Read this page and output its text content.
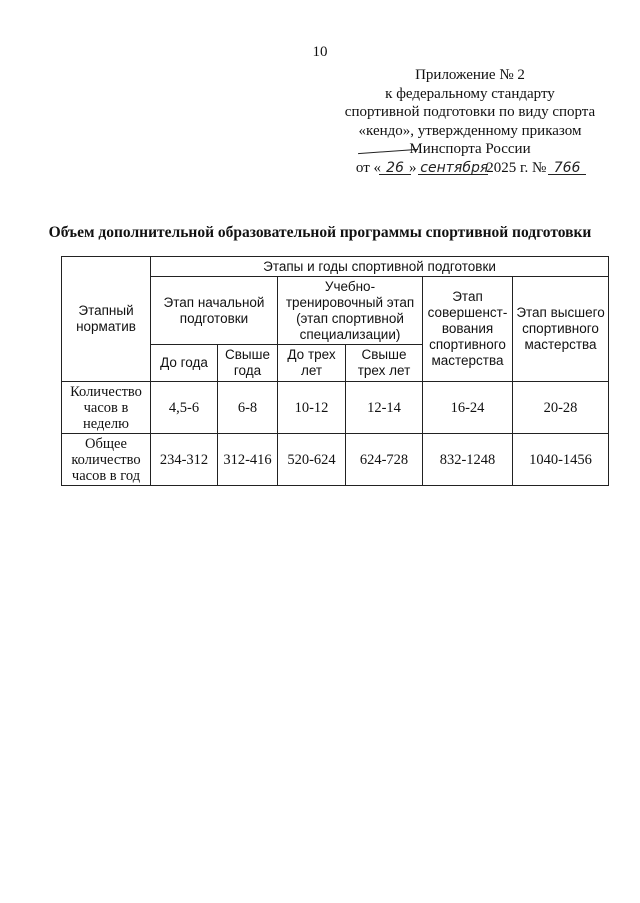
10
Приложение № 2
к федеральному стандарту
спортивной подготовки по виду спорта
«кендо», утвержденному приказом
Минспорта России
от « 26 » сентября2025 г. № 766
Объем дополнительной образовательной программы спортивной подготовки
Этапный норматив	Этапы и годы спортивной подготовки					
	Этап начальной подготовки		Учебно-тренировочный этап (этап спортивной специализации)		Этап совершенст-вования спортивного мастерства	Этап высшего спортивного мастерства
	До года	Свыше года	До трех лет	Свыше трех лет		
Количество часов в неделю	4,5-6	6-8	10-12	12-14	16-24	20-28
Общее количество часов в год	234-312	312-416	520-624	624-728	832-1248	1040-1456
